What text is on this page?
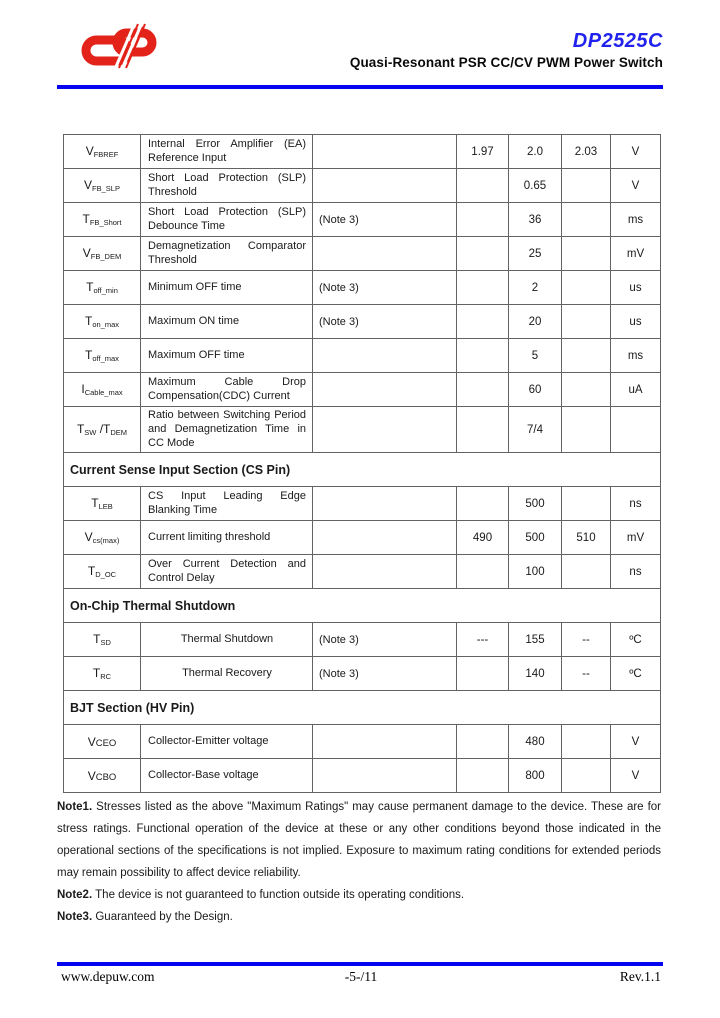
DP2525C
Quasi-Resonant PSR CC/CV PWM Power Switch
$V_{FBREF}$	Internal Error Amplifier (EA) Reference Input		1.97	2.0	2.03	V
$V_{FB\_SLP}$	Short Load Protection (SLP) Threshold			0.65		V
$T_{FB\_Short}$	Short Load Protection (SLP) Debounce Time	(Note 3)		36		ms
$V_{FB\_DEM}$	Demagnetization Comparator Threshold			25		mV
$T_{off\_min}$	Minimum OFF time	(Note 3)		2		us
$T_{on\_max}$	Maximum ON time	(Note 3)		20		us
$T_{off\_max}$	Maximum OFF time			5		ms
$I_{Cable\_max}$	Maximum Cable Drop Compensation(CDC) Current			60		uA
$T_{SW}$ $/T_{DEM}$	Ratio between Switching Period and Demagnetization Time in CC Mode			7/4		
Current Sense Input Section (CS Pin)						
$T_{LEB}$	CS Input Leading Edge Blanking Time			500		ns
$V_{cs(max)}$	Current limiting threshold		490	500	510	mV
$T_{D\_OC}$	Over Current Detection and Control Delay			100		ns
On-Chip Thermal Shutdown						
$T_{SD}$	Thermal Shutdown	(Note 3)	---	155	--	ºC
$T_{RC}$	Thermal Recovery	(Note 3)		140	--	ºC
BJT Section (HV Pin)						
VCEO	Collector-Emitter voltage			480		V
VCBO	Collector-Base voltage			800		V
Note1. Stresses listed as the above "Maximum Ratings" may cause permanent damage to the device. These are for stress ratings. Functional operation of the device at these or any other conditions beyond those indicated in the operational sections of the specifications is not implied. Exposure to maximum rating conditions for extended periods may remain possibility to affect device reliability.
Note2. The device is not guaranteed to function outside its operating conditions.
Note3. Guaranteed by the Design.
www.depuw.com	-5-/11	Rev.1.1
